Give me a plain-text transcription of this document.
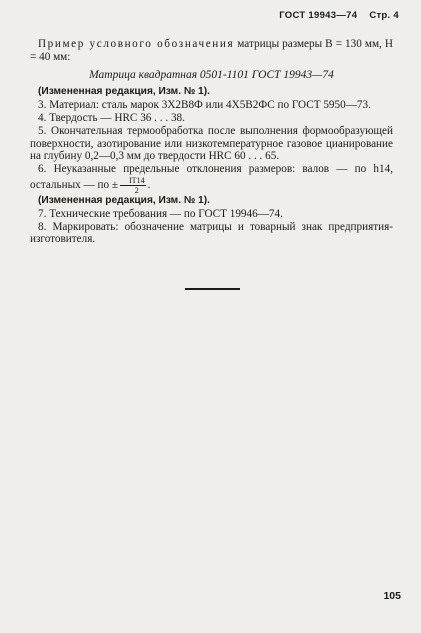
ГОСТ 19943—74 Стр. 4

Пример условного обозначения матрицы размеры B = 130 мм, H = 40 мм:

Матрица квадратная 0501-1101 ГОСТ 19943—74

(Измененная редакция, Изм. № 1).

3. Материал: сталь марок 3Х2В8Ф или 4Х5В2ФС по ГОСТ 5950—73.

4. Твердость — HRC 36 . . . 38.

5. Окончательная термообработка после выполнения формообразующей поверхности, азотирование или низкотемпературное газовое цианирование на глубину 0,2—0,3 мм до твердости HRC 60 . . . 65.

6. Неуказанные предельные отклонения размеров: валов — по h14, остальных — по ± $\frac{IT14}{2}$ .

(Измененная редакция, Изм. № 1).

7. Технические требования — по ГОСТ 19946—74.

8. Маркировать: обозначение матрицы и товарный знак предприятия-изготовителя.

105
